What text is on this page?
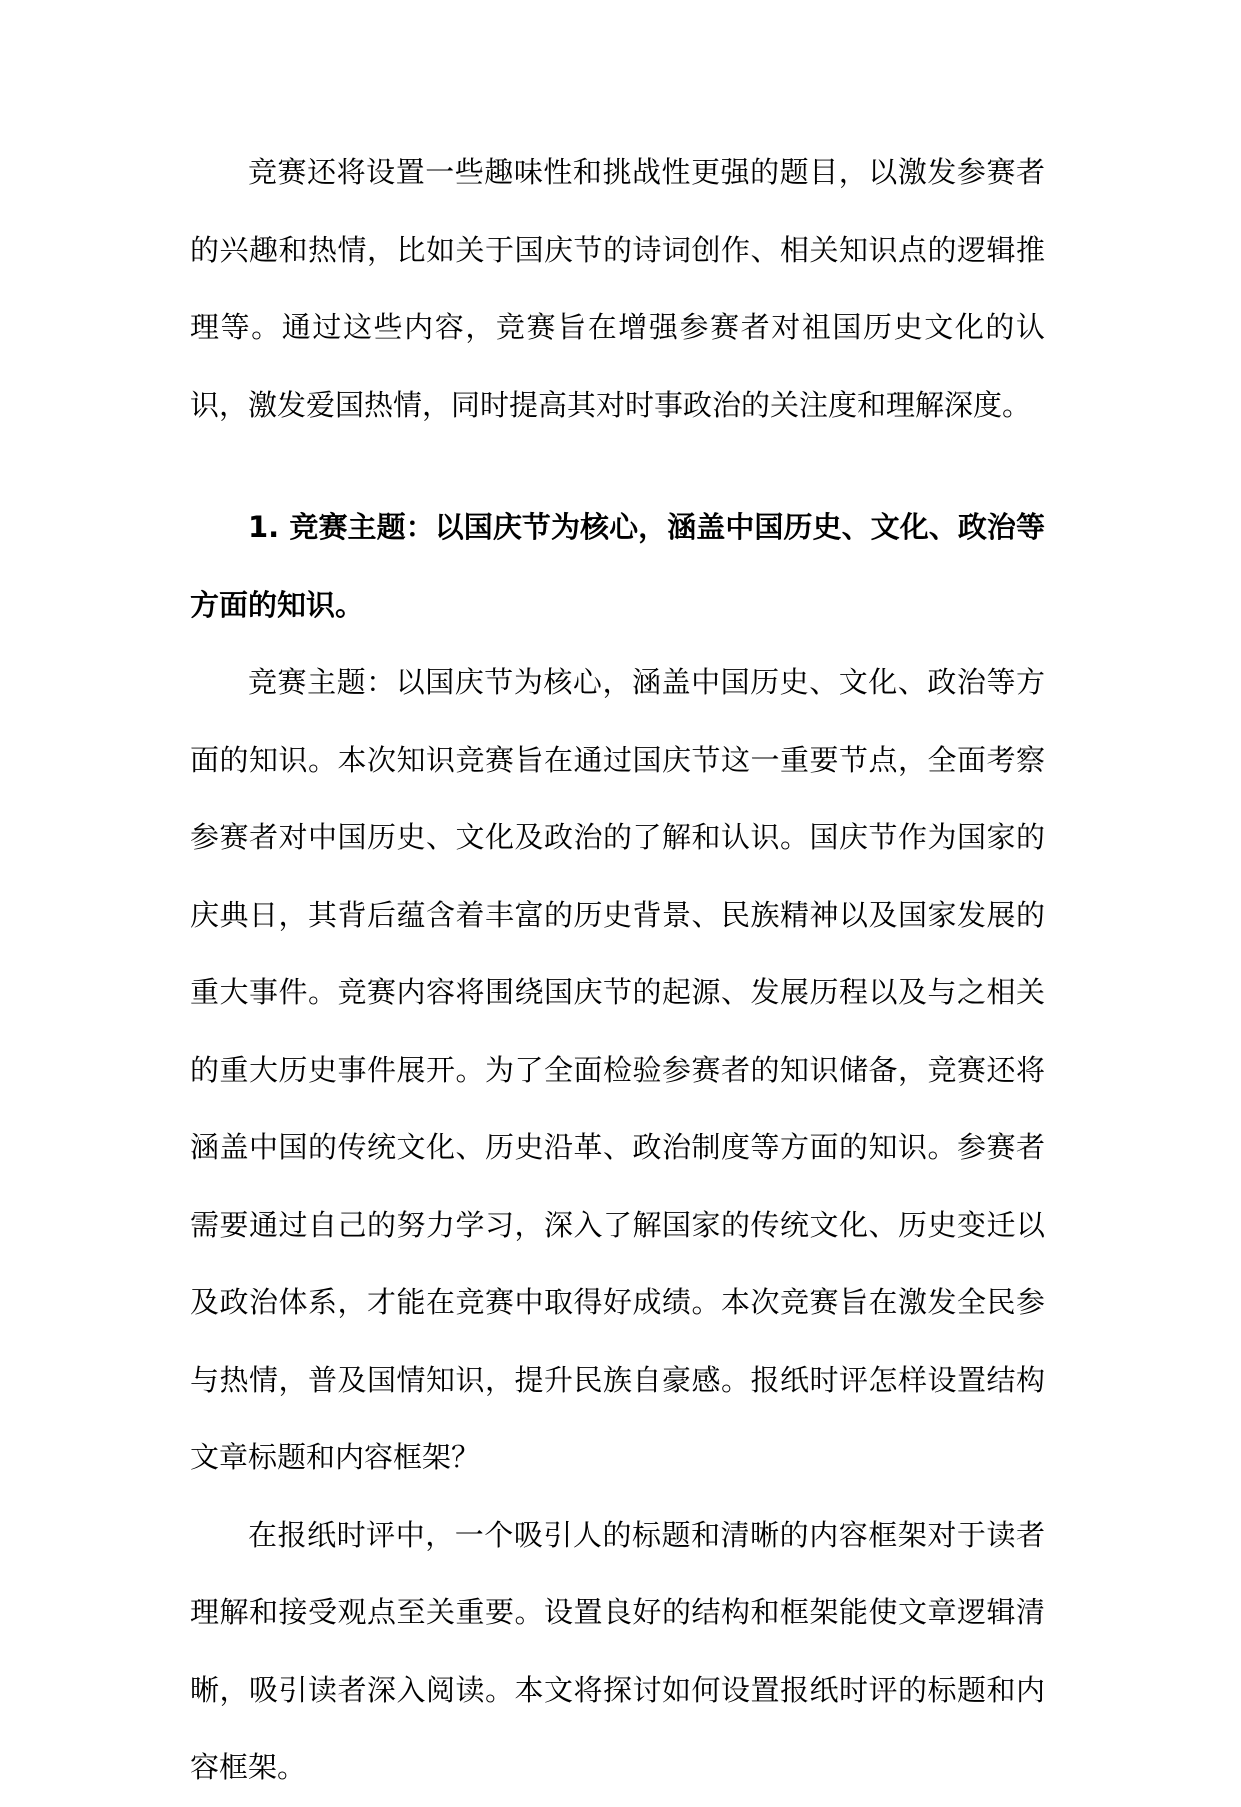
竞赛还将设置一些趣味性和挑战性更强的题目，以激发参赛者的兴趣和热情，比如关于国庆节的诗词创作、相关知识点的逻辑推理等。通过这些内容，竞赛旨在增强参赛者对祖国历史文化的认识，激发爱国热情，同时提高其对时事政治的关注度和理解深度。

1. 竞赛主题：以国庆节为核心，涵盖中国历史、文化、政治等方面的知识。

竞赛主题：以国庆节为核心，涵盖中国历史、文化、政治等方面的知识。本次知识竞赛旨在通过国庆节这一重要节点，全面考察参赛者对中国历史、文化及政治的了解和认识。国庆节作为国家的庆典日，其背后蕴含着丰富的历史背景、民族精神以及国家发展的重大事件。竞赛内容将围绕国庆节的起源、发展历程以及与之相关的重大历史事件展开。为了全面检验参赛者的知识储备，竞赛还将涵盖中国的传统文化、历史沿革、政治制度等方面的知识。参赛者需要通过自己的努力学习，深入了解国家的传统文化、历史变迁以及政治体系，才能在竞赛中取得好成绩。本次竞赛旨在激发全民参与热情，普及国情知识，提升民族自豪感。报纸时评怎样设置结构文章标题和内容框架？

在报纸时评中，一个吸引人的标题和清晰的内容框架对于读者理解和接受观点至关重要。设置良好的结构和框架能使文章逻辑清晰，吸引读者深入阅读。本文将探讨如何设置报纸时评的标题和内容框架。
